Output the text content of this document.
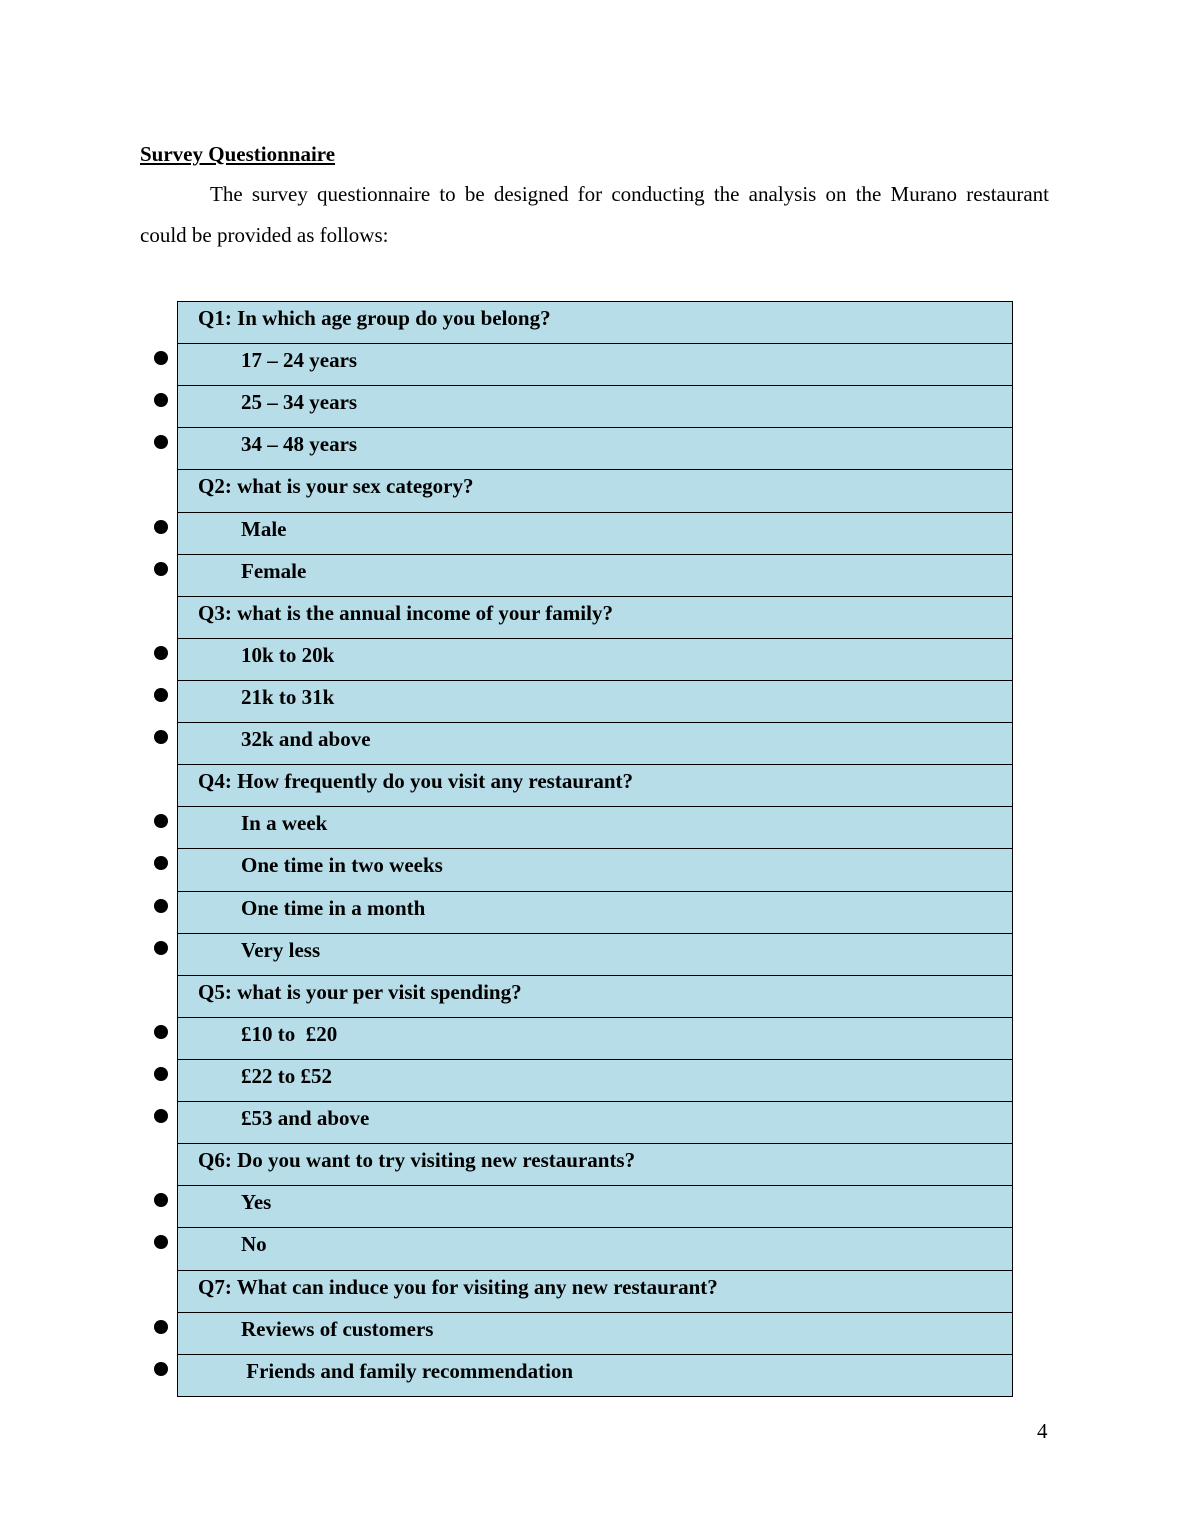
Survey Questionnaire

The survey questionnaire to be designed for conducting the analysis on the Murano restaurant could be provided as follows:

Q1: In which age group do you belong?
17 – 24 years
25 – 34 years
34 – 48 years
Q2: what is your sex category?
Male
Female
Q3: what is the annual income of your family?
10k to 20k
21k to 31k
32k and above
Q4: How frequently do you visit any restaurant?
In a week
One time in two weeks
One time in a month
Very less
Q5: what is your per visit spending?
£10 to  £20
£22 to £52
£53 and above
Q6: Do you want to try visiting new restaurants?
Yes
No
Q7: What can induce you for visiting any new restaurant?
Reviews of customers
Friends and family recommendation
4
